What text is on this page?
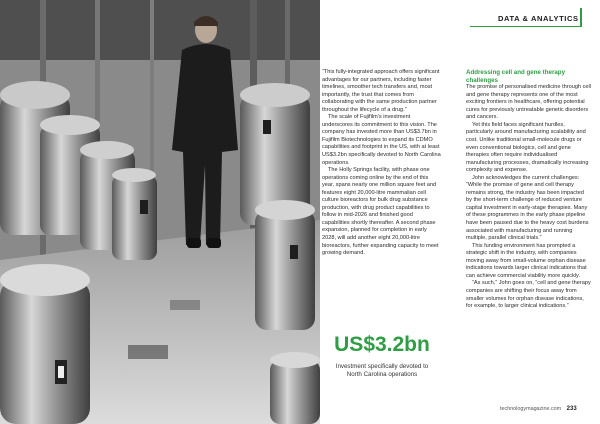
DATA & ANALYTICS

“This fully-integrated approach offers significant advantages for our partners, including faster timelines, smoother tech transfers and, most importantly, the trust that comes from collaborating with the same production partner throughout the lifecycle of a drug.”

The scale of Fujifilm’s investment underscores its commitment to this vision. The company has invested more than US$3.7bn in Fujifilm Biotechnologies to expand its CDMO capabilities and footprint in the US, with at least US$3.2bn specifically devoted to North Carolina operations.

The Holly Springs facility, with phase one operations coming online by the end of this year, spans nearly one million square feet and features eight 20,000-litre mammalian cell culture bioreactors for bulk drug substance production, with drug product capabilities to follow in mid-2026 and finished good capabilities shortly thereafter. A second phase expansion, planned for completion in early 2028, will add another eight 20,000-litre bioreactors, further expanding capacity to meet growing demand.

US$3.2bn
Investment specifically devoted to North Carolina operations

Addressing cell and gene therapy challenges

The promise of personalised medicine through cell and gene therapy represents one of the most exciting frontiers in healthcare, offering potential cures for previously untreatable genetic disorders and cancers.

Yet this field faces significant hurdles, particularly around manufacturing scalability and cost. Unlike traditional small-molecule drugs or even conventional biologics, cell and gene therapies often require individualised manufacturing processes, dramatically increasing complexity and expense.

John acknowledges the current challenges: “While the promise of gene and cell therapy remains strong, the industry has been impacted by the short-term challenge of reduced venture capital investment in early-stage therapies. Many of these programmes in the early phase pipeline have been paused due to the heavy cost burdens associated with manufacturing and running multiple, parallel clinical trials.”

This funding environment has prompted a strategic shift in the industry, with companies moving away from small-volume orphan disease indications towards larger clinical indications that can achieve commercial viability more quickly.

“As such,” John goes on, “cell and gene therapy companies are shifting their focus away from smaller volumes for orphan disease indications, for example, to larger clinical indications.”

technologymagazine.com 233
